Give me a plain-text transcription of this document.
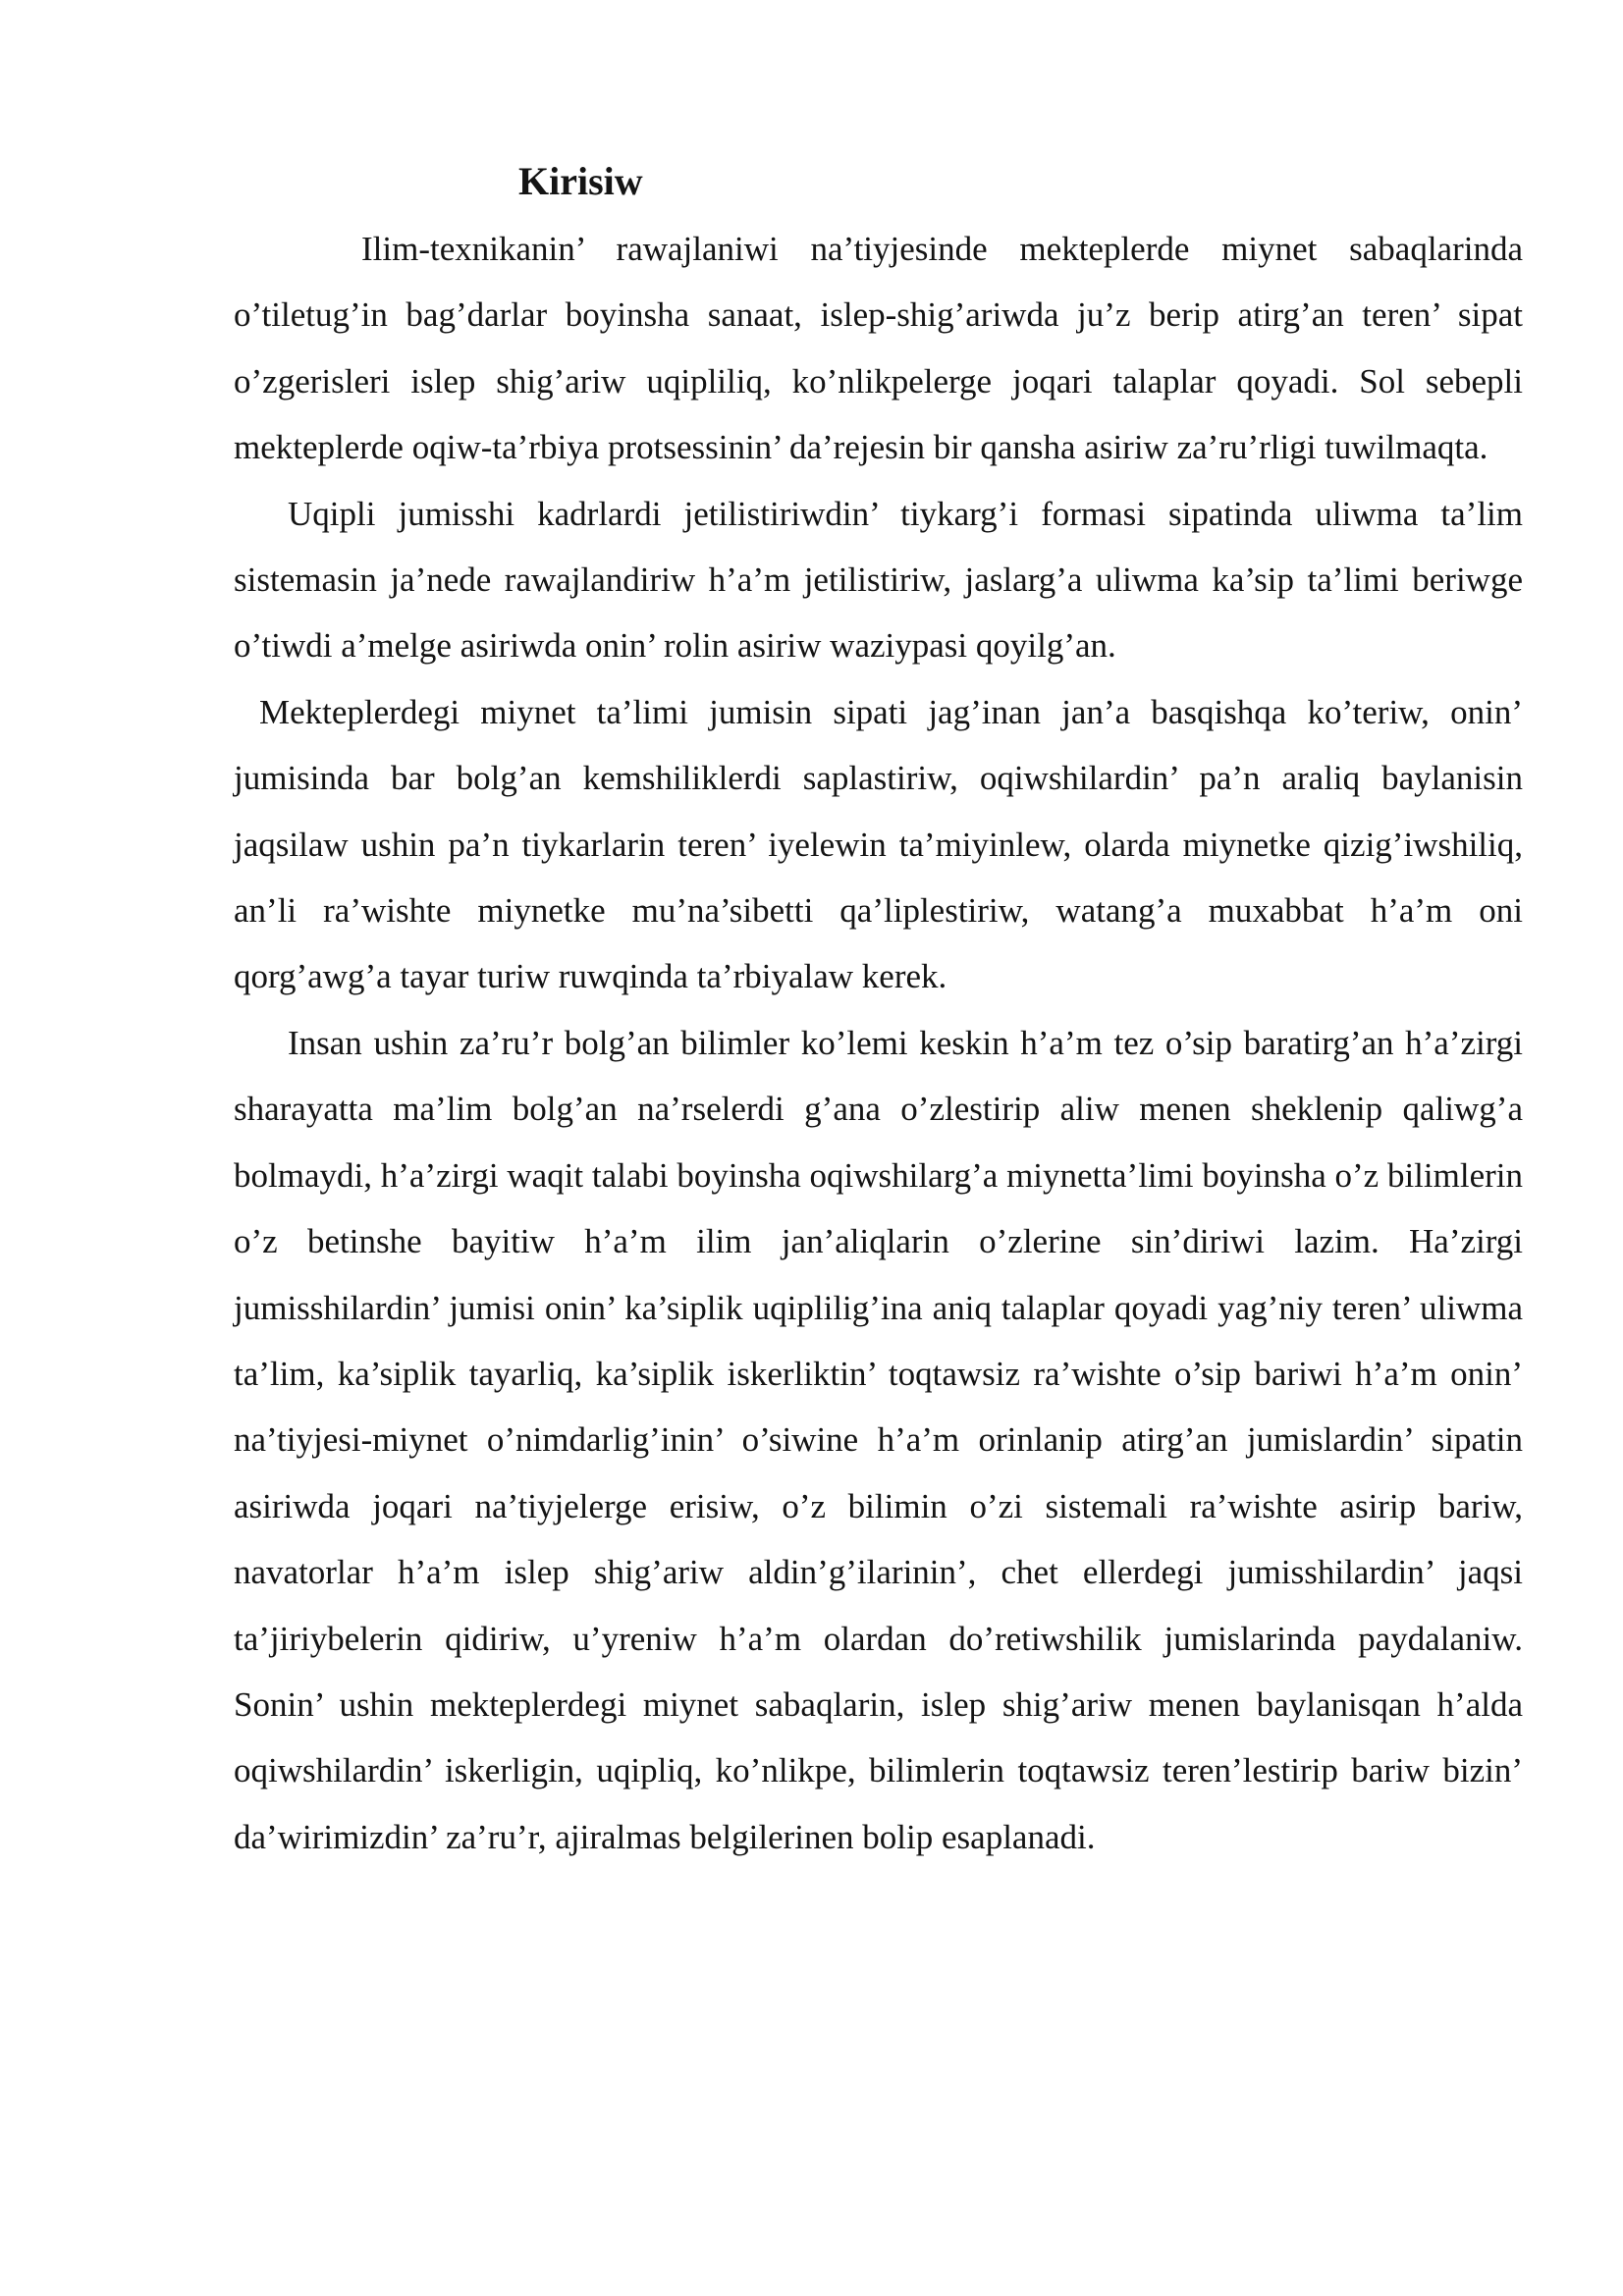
Kirisiw

Ilim-texnikanin’ rawajlaniwi na’tiyjesinde mekteplerde miynet sabaqlarinda o’tiletug’in bag’darlar boyinsha sanaat, islep-shig’ariwda ju’z berip atirg’an teren’ sipat o’zgerisleri islep shig’ariw uqipliliq, ko’nlikpelerge joqari talaplar qoyadi. Sol sebepli mekteplerde oqiw-ta’rbiya protsessinin’ da’rejesin bir qansha asiriw za’ru’rligi tuwilmaqta.

Uqipli jumisshi kadrlardi jetilistiriwdin’ tiykarg’i formasi sipatinda uliwma ta’lim sistemasin ja’nede rawajlandiriw h’a’m jetilistiriw, jaslarg’a uliwma ka’sip ta’limi beriwge o’tiwdi a’melge asiriwda onin’ rolin asiriw waziypasi qoyilg’an.

Mekteplerdegi miynet ta’limi jumisin sipati jag’inan jan’a basqishqa ko’teriw, onin’ jumisinda bar bolg’an kemshiliklerdi saplastiriw, oqiwshilardin’ pa’n araliq baylanisin jaqsilaw ushin pa’n tiykarlarin teren’ iyelewin ta’miyinlew, olarda miynetke qizig’iwshiliq, an’li ra’wishte miynetke mu’na’sibetti qa’liplestiriw, watang’a muxabbat h’a’m oni qorg’awg’a tayar turiw ruwqinda ta’rbiyalaw kerek.

Insan ushin za’ru’r bolg’an bilimler ko’lemi keskin h’a’m tez o’sip baratirg’an h’a’zirgi sharayatta ma’lim bolg’an na’rselerdi g’ana o’zlestirip aliw menen sheklenip qaliwg’a bolmaydi, h’a’zirgi waqit talabi boyinsha oqiwshilarg’a miynetta’limi boyinsha o’z bilimlerin o’z betinshe bayitiw h’a’m ilim jan’aliqlarin o’zlerine sin’diriwi lazim. Ha’zirgi jumisshilardin’ jumisi onin’ ka’siplik uqiplilig’ina aniq talaplar qoyadi yag’niy teren’ uliwma ta’lim, ka’siplik tayarliq, ka’siplik iskerliktin’ toqtawsiz ra’wishte o’sip bariwi h’a’m onin’ na’tiyjesi-miynet o’nimdarlig’inin’ o’siwine h’a’m orinlanip atirg’an jumislardin’ sipatin asiriwda joqari na’tiyjelerge erisiw, o’z bilimin o’zi sistemali ra’wishte asirip bariw, navatorlar h’a’m islep shig’ariw aldin’g’ilarinin’, chet ellerdegi jumisshilardin’ jaqsi ta’jiriybelerin qidiriw, u’yreniw h’a’m olardan do’retiwshilik jumislarinda paydalaniw. Sonin’ ushin mekteplerdegi miynet sabaqlarin, islep shig’ariw menen baylanisqan h’alda oqiwshilardin’ iskerligin, uqipliq, ko’nlikpe, bilimlerin toqtawsiz teren’lestirip bariw bizin’ da’wirimizdin’ za’ru’r, ajiralmas belgilerinen bolip esaplanadi.
